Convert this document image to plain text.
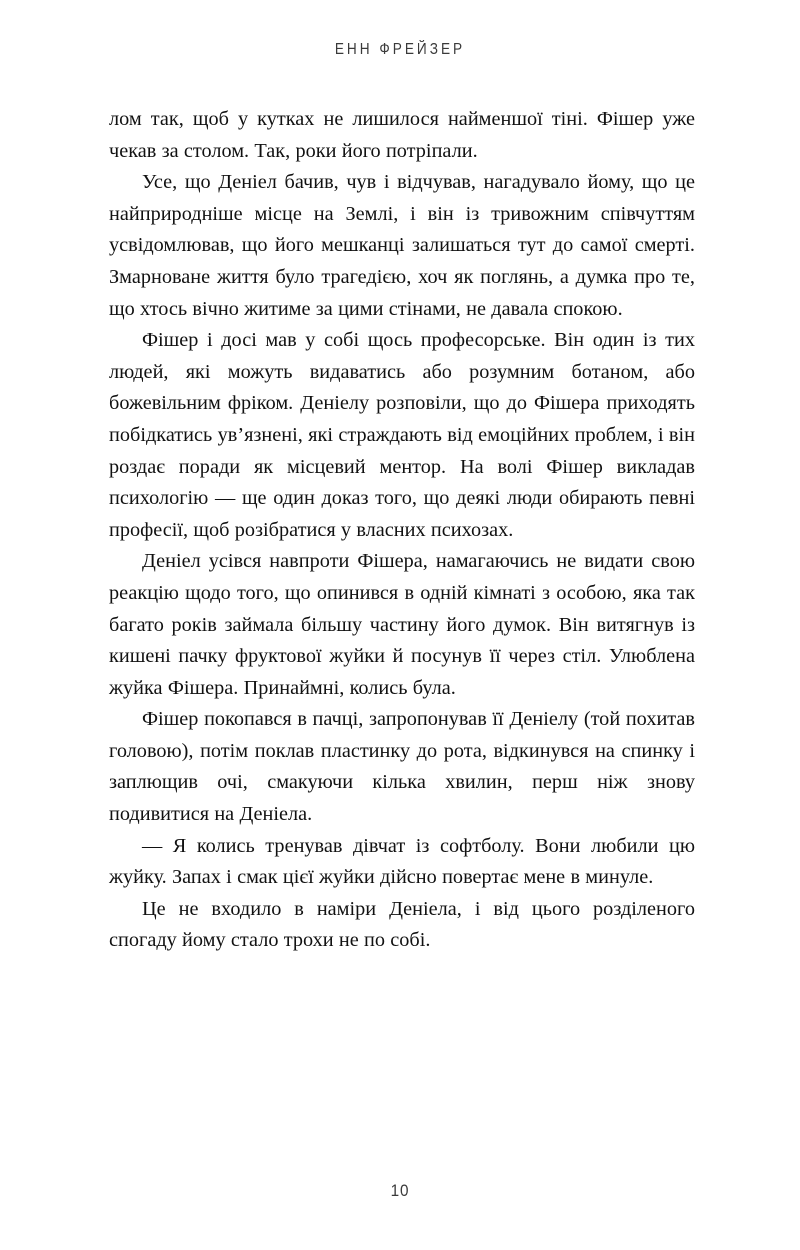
ЕНН ФРЕЙЗЕР

лом так, щоб у кутках не лишилося найменшої тіні. Фішер уже чекав за столом. Так, роки його потріпали.

Усе, що Деніел бачив, чув і відчував, нагадувало йому, що це найприродніше місце на Землі, і він із тривожним співчуттям усвідомлював, що його мешканці залишаться тут до самої смерті. Змарноване життя було трагедією, хоч як поглянь, а думка про те, що хтось вічно житиме за цими стінами, не давала спокою.

Фішер і досі мав у собі щось професорське. Він один із тих людей, які можуть видаватись або розумним ботаном, або божевільним фріком. Деніелу розповіли, що до Фішера приходять побідкатись ув’язнені, які страждають від емоційних проблем, і він роздає поради як місцевий ментор. На волі Фішер викладав психологію — ще один доказ того, що деякі люди обирають певні професії, щоб розібратися у власних психозах.

Деніел усівся навпроти Фішера, намагаючись не видати свою реакцію щодо того, що опинився в одній кімнаті з особою, яка так багато років займала більшу частину його думок. Він витягнув із кишені пачку фруктової жуйки й посунув її через стіл. Улюблена жуйка Фішера. Принаймні, колись була.

Фішер покопався в пачці, запропонував її Деніелу (той похитав головою), потім поклав пластинку до рота, відкинувся на спинку і заплющив очі, смакуючи кілька хвилин, перш ніж знову подивитися на Деніела.

— Я колись тренував дівчат із софтболу. Вони любили цю жуйку. Запах і смак цієї жуйки дійсно повертає мене в минуле.

Це не входило в наміри Деніела, і від цього розділеного спогаду йому стало трохи не по собі.

10
